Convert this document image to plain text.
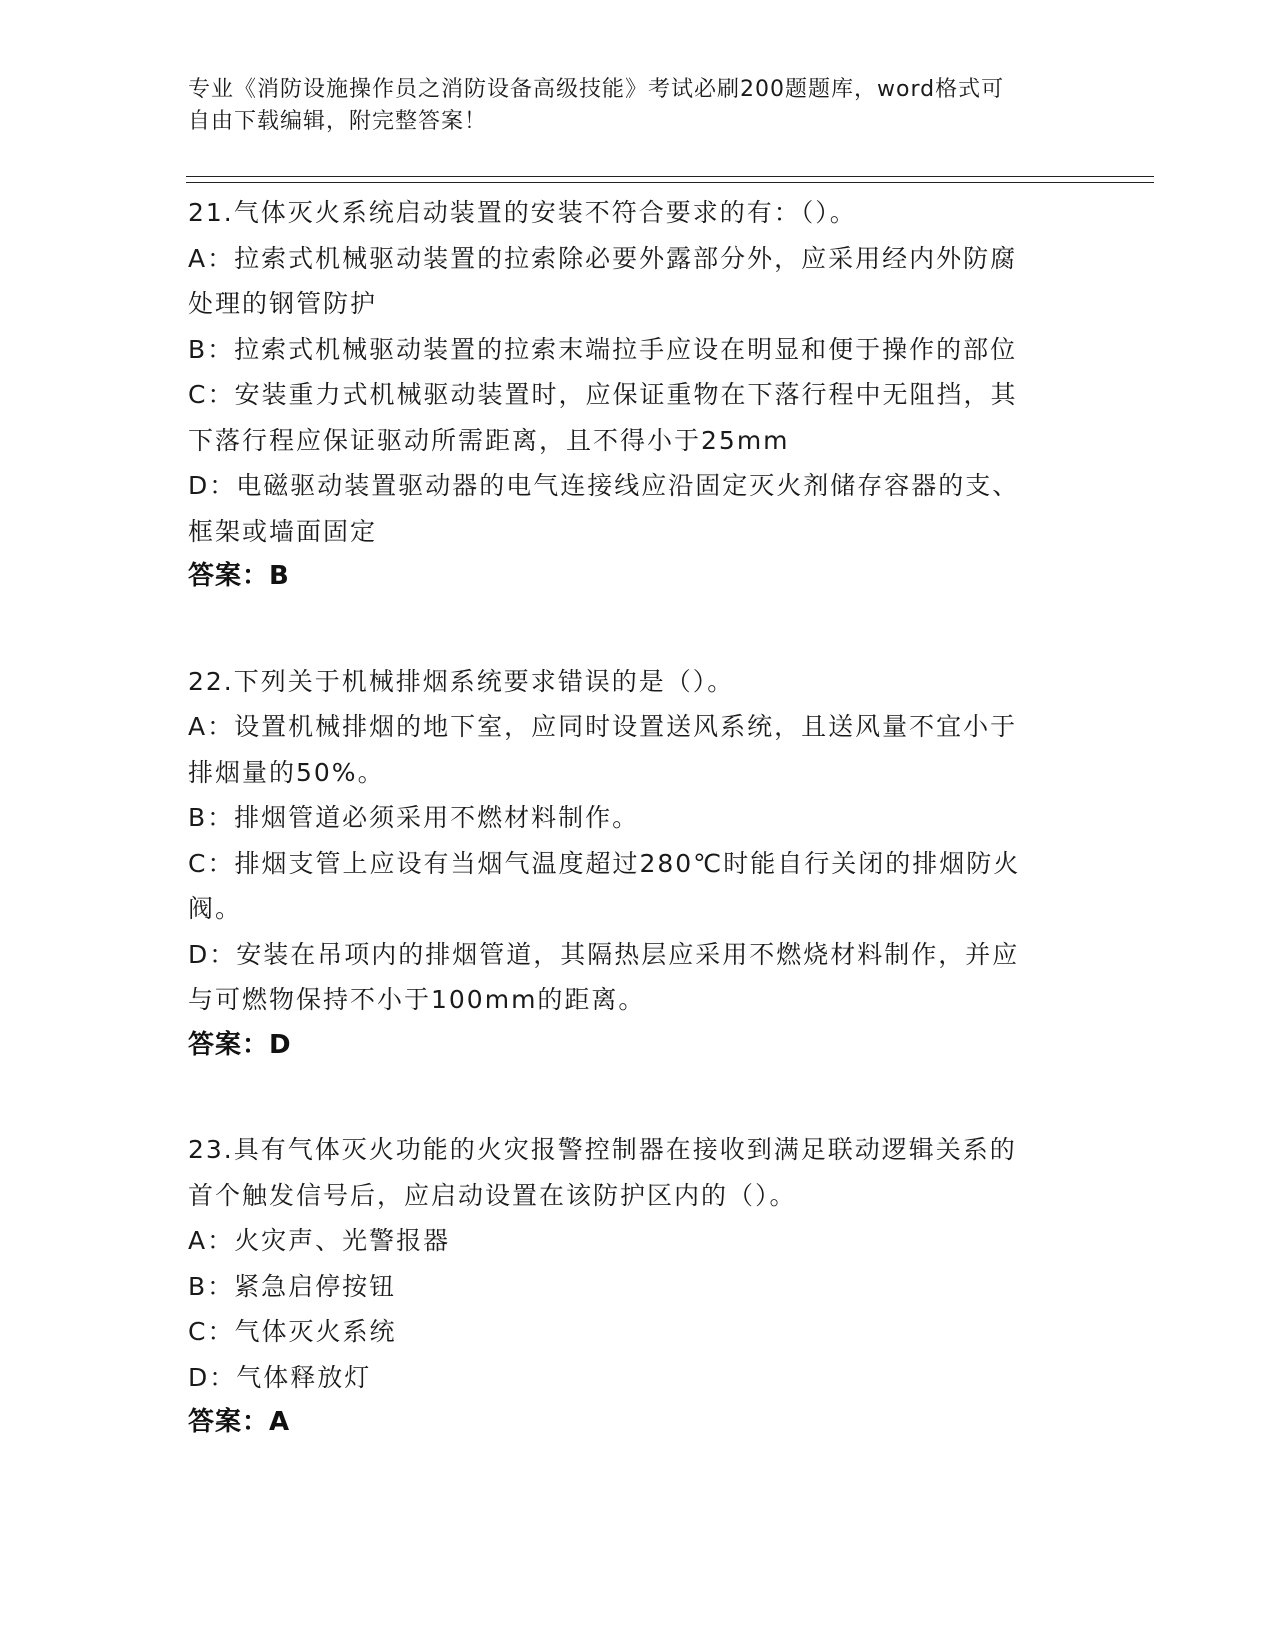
专业《消防设施操作员之消防设备高级技能》考试必刷200题题库，word格式可
自由下载编辑，附完整答案！
21.气体灭火系统启动装置的安装不符合要求的有：（）。
A：拉索式机械驱动装置的拉索除必要外露部分外，应采用经内外防腐
处理的钢管防护
B：拉索式机械驱动装置的拉索末端拉手应设在明显和便于操作的部位
C：安装重力式机械驱动装置时，应保证重物在下落行程中无阻挡，其
下落行程应保证驱动所需距离，且不得小于25mm
D：电磁驱动装置驱动器的电气连接线应沿固定灭火剂储存容器的支、
框架或墙面固定
答案：B
22.下列关于机械排烟系统要求错误的是（）。
A：设置机械排烟的地下室，应同时设置送风系统，且送风量不宜小于
排烟量的50%。
B：排烟管道必须采用不燃材料制作。
C：排烟支管上应设有当烟气温度超过280℃时能自行关闭的排烟防火
阀。
D：安装在吊项内的排烟管道，其隔热层应采用不燃烧材料制作，并应
与可燃物保持不小于100mm的距离。
答案：D
23.具有气体灭火功能的火灾报警控制器在接收到满足联动逻辑关系的
首个触发信号后，应启动设置在该防护区内的（）。
A：火灾声、光警报器
B：紧急启停按钮
C：气体灭火系统
D：气体释放灯
答案：A
